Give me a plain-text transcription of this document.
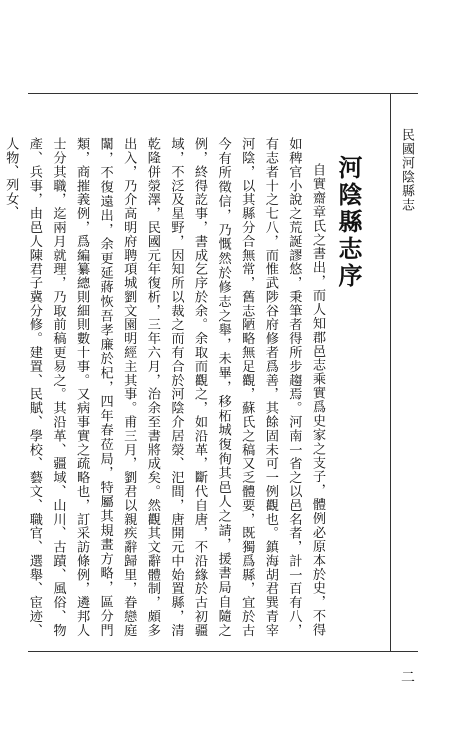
民國河陰縣志
二
河陰縣志序

自實齋章氏之書出，而人知郡邑志乘實爲史家之支子，體例必原本於史，不得如稗官小說之荒誕謬悠，秉筆者得所步趨焉。河南一省之以邑名者，計一百有八，有志者十之七八，而惟武陟谷府修者爲善，其餘固未可一例觀也。鎮海胡君巽青宰河陰，以其縣分合無常，舊志陋略無足觀，蘇氏之稿又乏體要，既獨爲縣，宜於古今有所徵信，乃慨然於修志之舉，未畢，移柘城復徇其邑人之請，援書局自隨之例，終得訖事，書成乞序於余。余取而觀之，如沿革，斷代自唐，不沿緣於古初疆域，不泛及星野，因知所以裁之而有合於河陰介居滎、汜間，唐開元中始置縣，清乾隆併滎澤，民國元年復析，三年六月，治余至書將成矣。然觀其文辭體制，頗多出入，乃介高明府聘項城劉文園明經主其事。甫三月，劉君以親疾辭歸里，眷戀庭闈，不復遠出，余更延蔣恢吾孝廉於杞，四年春莅局，特屬其規畫方略，區分門類，商摧義例，爲編纂總則細則數十事。又病事實之疏略也，訂采訪條例，遴邦人士分其職，迄兩月就理，乃取前稿更易之。其沿革、疆域、山川、古蹟、風俗、物產、兵事，由邑人陳君子冀分修。建置、民賦、學校、藝文、職官、選舉、宦迹、人物、列女、
